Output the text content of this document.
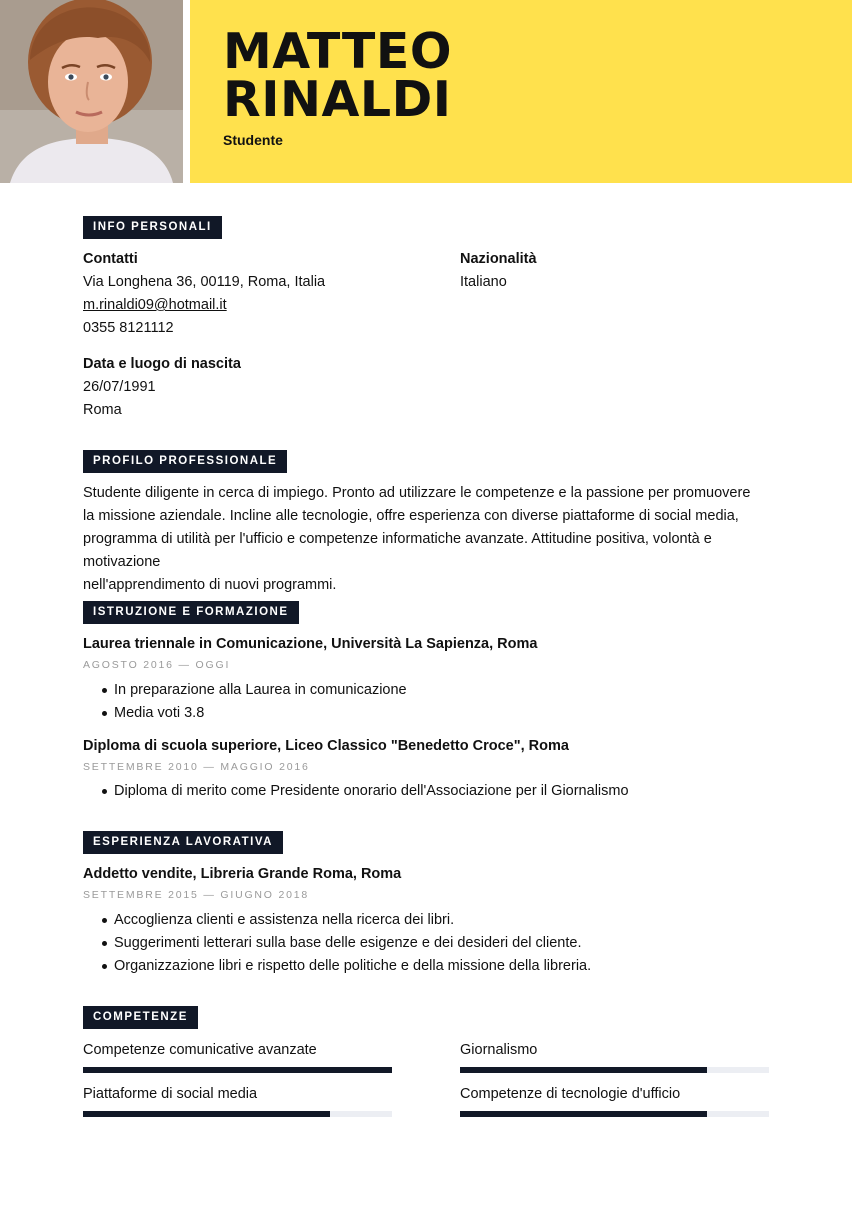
MATTEO
RINALDI
Studente
INFO PERSONALI
Contatti
Via Longhena 36, 00119, Roma, Italia
m.rinaldi09@hotmail.it
0355 8121112
Nazionalità
Italiano
Data e luogo di nascita
26/07/1991
Roma
PROFILO PROFESSIONALE
Studente diligente in cerca di impiego. Pronto ad utilizzare le competenze e la passione per promuovere
la missione aziendale. Incline alle tecnologie, offre esperienza con diverse piattaforme di social media,
programma di utilità per l'ufficio e competenze informatiche avanzate. Attitudine positiva, volontà e motivazione
nell'apprendimento di nuovi programmi.
ISTRUZIONE E FORMAZIONE
Laurea triennale in Comunicazione, Università La Sapienza, Roma
AGOSTO 2016 — OGGI
In preparazione alla Laurea in comunicazione
Media voti 3.8
Diploma di scuola superiore, Liceo Classico "Benedetto Croce", Roma
SETTEMBRE 2010 — MAGGIO 2016
Diploma di merito come Presidente onorario dell'Associazione per il Giornalismo
ESPERIENZA LAVORATIVA
Addetto vendite, Libreria Grande Roma, Roma
SETTEMBRE 2015 — GIUGNO 2018
Accoglienza clienti e assistenza nella ricerca dei libri.
Suggerimenti letterari sulla base delle esigenze e dei desideri del cliente.
Organizzazione libri e rispetto delle politiche e della missione della libreria.
COMPETENZE
Competenze comunicative avanzate	Giornalismo
Piattaforme di social media	Competenze di tecnologie d'ufficio
